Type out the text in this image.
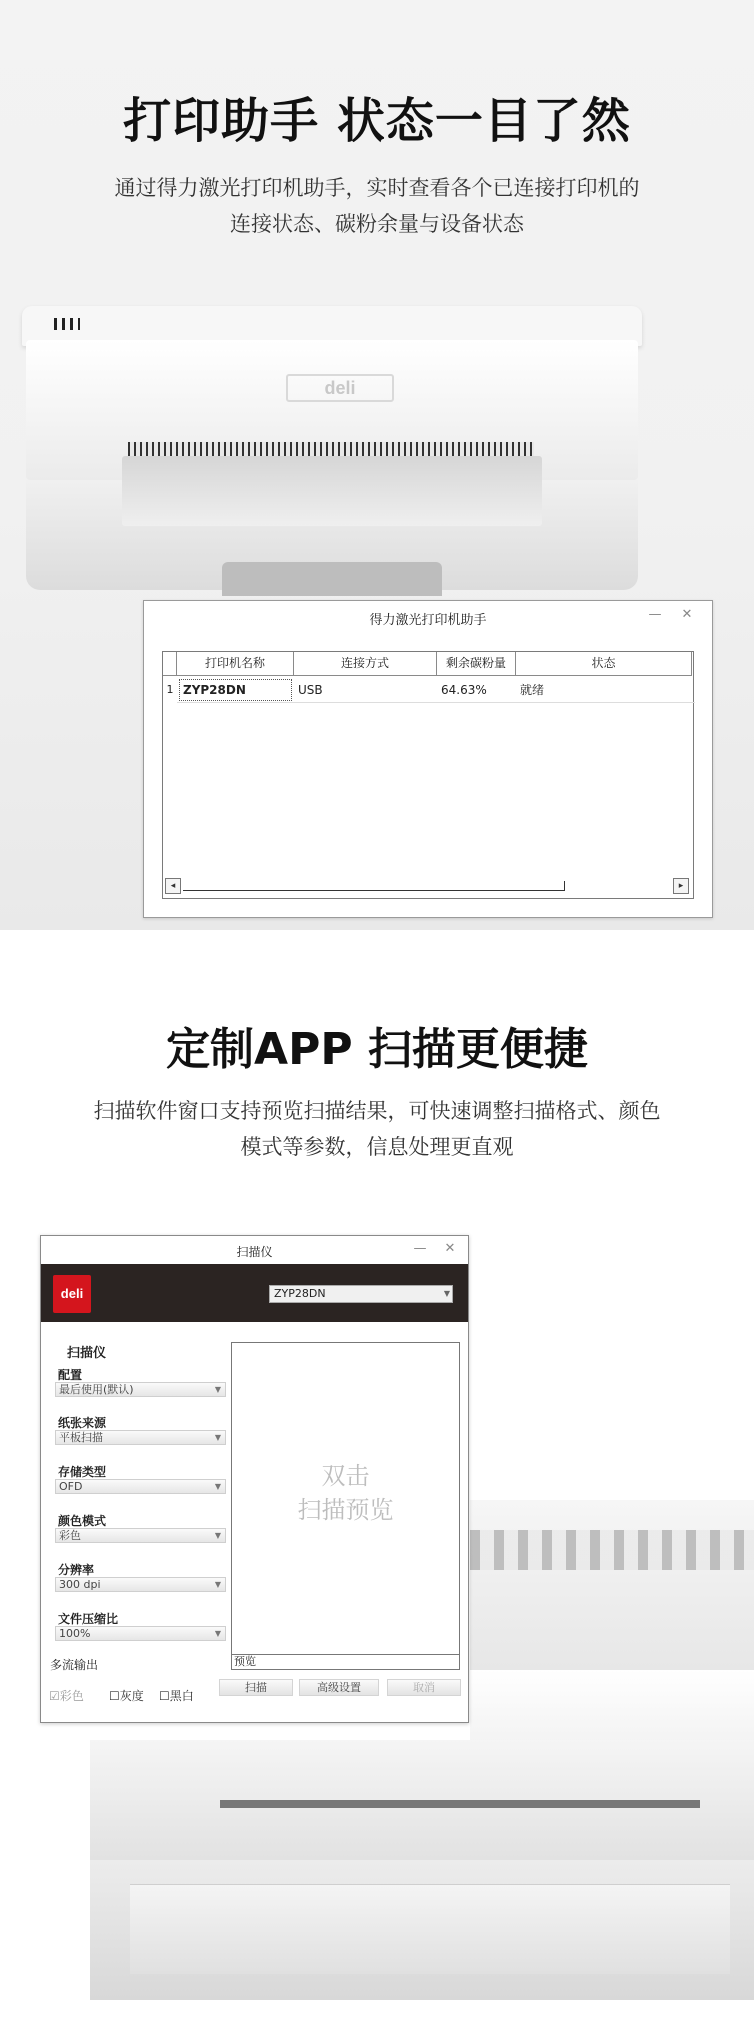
打印助手 状态一目了然
通过得力激光打印机助手，实时查看各个已连接打印机的
连接状态、碳粉余量与设备状态
deli
得力激光打印机助手	—	✕
打印机名称	连接方式	剩余碳粉量	状态
1 ZYP28DN	USB	64.63%	就绪
◂	▸
定制APP 扫描更便捷
扫描软件窗口支持预览扫描结果，可快速调整扫描格式、颜色
模式等参数，信息处理更直观
扫描仪	—	✕
deli	ZYP28DN	▼
扫描仪
配置
最后使用(默认)	▼
纸张来源
平板扫描	▼
存储类型
OFD	▼
颜色模式
彩色	▼
分辨率
300 dpi	▼
文件压缩比
100%	▼
多流输出
☑彩色 ☐灰度 ☐黑白
双击
扫描预览
预览
扫描	高级设置	取消
